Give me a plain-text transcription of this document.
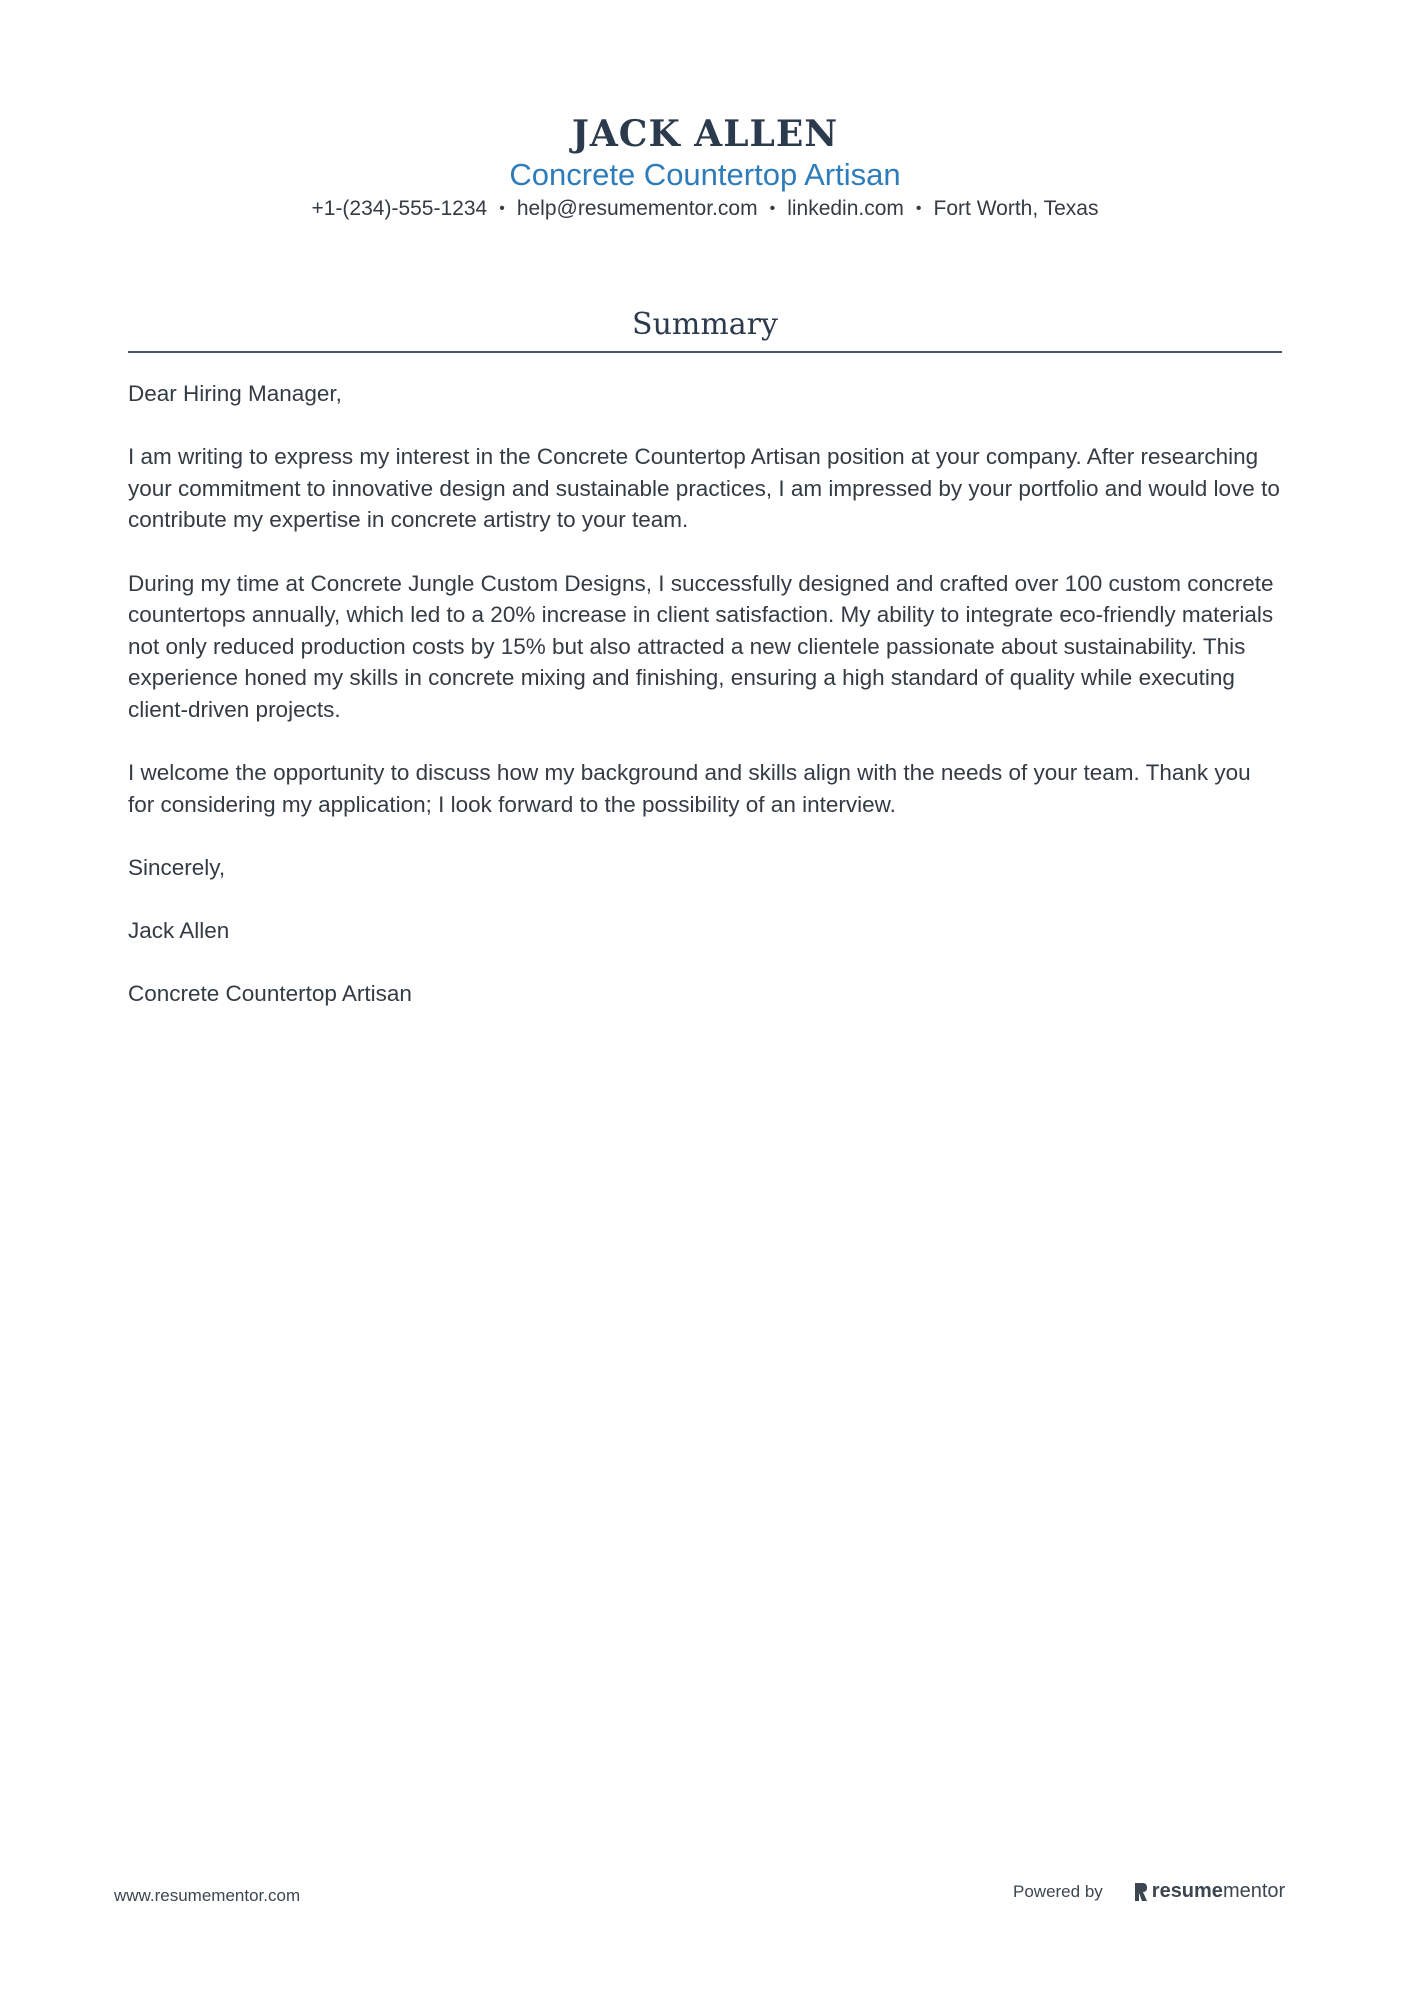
JACK ALLEN
Concrete Countertop Artisan
+1-(234)-555-1234 • help@resumementor.com • linkedin.com • Fort Worth, Texas
Summary

Dear Hiring Manager,

I am writing to express my interest in the Concrete Countertop Artisan position at your company. After researching your commitment to innovative design and sustainable practices, I am impressed by your portfolio and would love to contribute my expertise in concrete artistry to your team.

During my time at Concrete Jungle Custom Designs, I successfully designed and crafted over 100 custom concrete countertops annually, which led to a 20% increase in client satisfaction. My ability to integrate eco-friendly materials not only reduced production costs by 15% but also attracted a new clientele passionate about sustainability. This experience honed my skills in concrete mixing and finishing, ensuring a high standard of quality while executing client-driven projects.

I welcome the opportunity to discuss how my background and skills align with the needs of your team. Thank you for considering my application; I look forward to the possibility of an interview.

Sincerely,

Jack Allen

Concrete Countertop Artisan

www.resumementor.com	Powered by resume mentor
